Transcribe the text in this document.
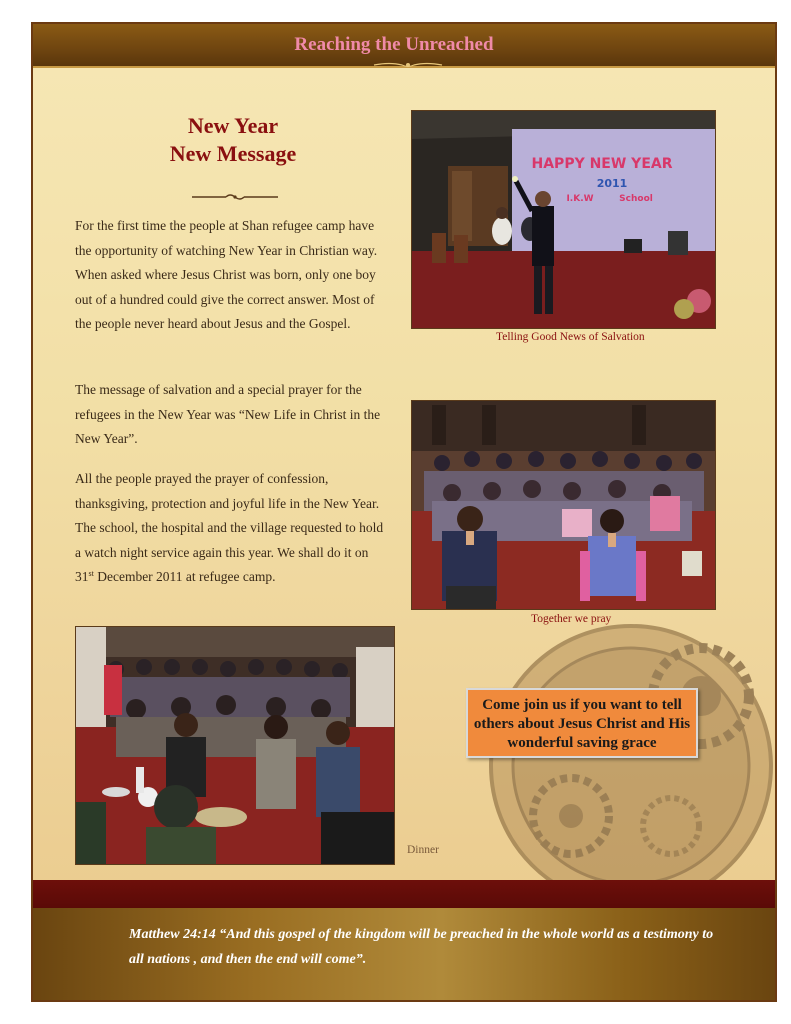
Reaching the Unreached
New Year
New Message
For the first time the people at Shan refugee camp have the opportunity of watching New Year in Christian way. When asked where Jesus Christ was born, only one boy out of a hundred could give the correct answer. Most of the people never heard about Jesus and the Gospel.
The message of salvation and a special prayer for the refugees in the New Year was “New Life in Christ in the New Year”.
All the people prayed the prayer of confession, thanksgiving, protection and joyful life in the New Year. The school, the hospital and the village requested to hold a watch night service again this year. We shall do it on 31st December 2011 at refugee camp.
HAPPY NEW YEAR
2011
I.K.W	School
Telling Good News of Salvation
Together we pray
Dinner
Come join us if you want to tell others about Jesus Christ and His wonderful saving grace
Matthew 24:14 “And this gospel of the kingdom will be preached in the whole world as a testimony to all nations , and then the end will come”.
